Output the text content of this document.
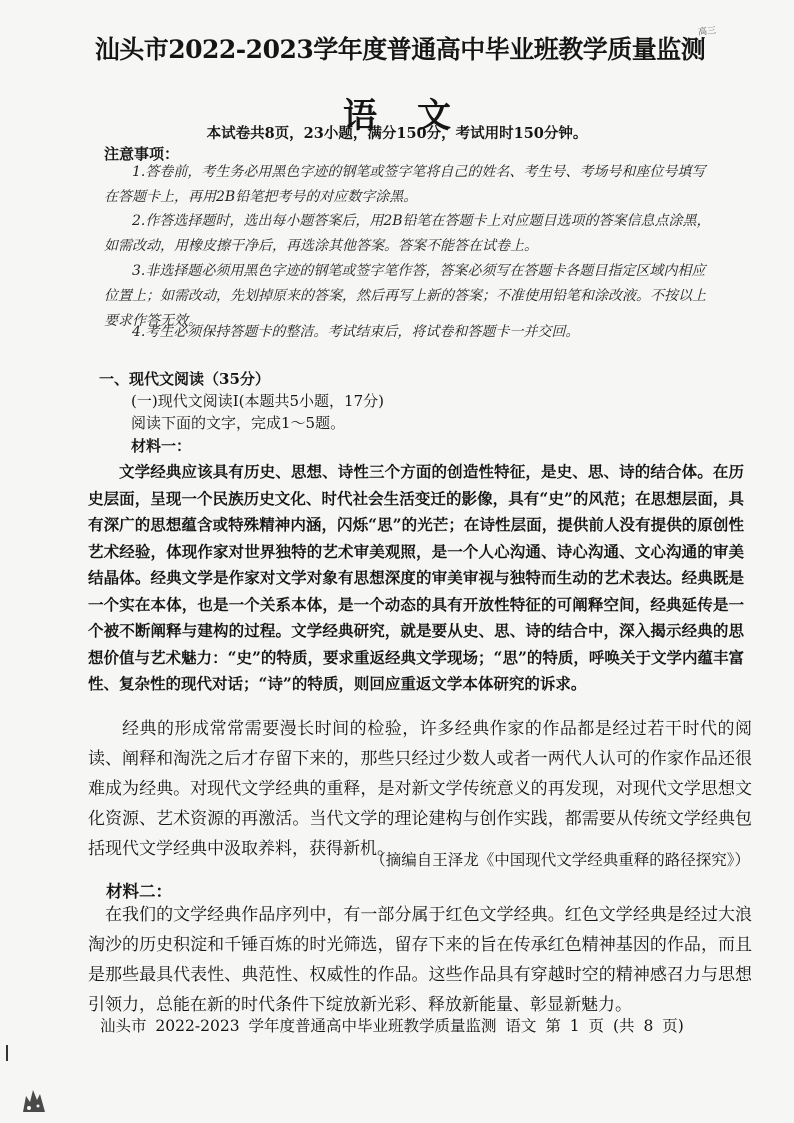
汕头市2022-2023学年度普通高中毕业班教学质量监测
高三
语文
本试卷共8页，23小题，满分150分，考试用时150分钟。
注意事项：
1.答卷前，考生务必用黑色字迹的钢笔或签字笔将自己的姓名、考生号、考场号和座位号填写在答题卡上，再用2B铅笔把考号的对应数字涂黑。
2.作答选择题时，选出每小题答案后，用2B铅笔在答题卡上对应题目选项的答案信息点涂黑，如需改动，用橡皮擦干净后，再选涂其他答案。答案不能答在试卷上。
3.非选择题必须用黑色字迹的钢笔或签字笔作答，答案必须写在答题卡各题目指定区域内相应位置上；如需改动，先划掉原来的答案，然后再写上新的答案；不准使用铅笔和涂改液。不按以上要求作答无效。
4.考生必须保持答题卡的整洁。考试结束后，将试卷和答题卡一并交回。
一、现代文阅读（35分）
(一)现代文阅读Ⅰ(本题共5小题，17分)
阅读下面的文字，完成1～5题。
材料一：
文学经典应该具有历史、思想、诗性三个方面的创造性特征，是史、思、诗的结合体。在历史层面，呈现一个民族历史文化、时代社会生活变迁的影像，具有“史”的风范；在思想层面，具有深广的思想蕴含或特殊精神内涵，闪烁“思”的光芒；在诗性层面，提供前人没有提供的原创性艺术经验，体现作家对世界独特的艺术审美观照，是一个人心沟通、诗心沟通、文心沟通的审美结晶体。经典文学是作家对文学对象有思想深度的审美审视与独特而生动的艺术表达。经典既是一个实在本体，也是一个关系本体，是一个动态的具有开放性特征的可阐释空间，经典延传是一个被不断阐释与建构的过程。文学经典研究，就是要从史、思、诗的结合中，深入揭示经典的思想价值与艺术魅力：“史”的特质，要求重返经典文学现场；“思”的特质，呼唤关于文学内蕴丰富性、复杂性的现代对话；“诗”的特质，则回应重返文学本体研究的诉求。
经典的形成常常需要漫长时间的检验，许多经典作家的作品都是经过若干时代的阅读、阐释和淘洗之后才存留下来的，那些只经过少数人或者一两代人认可的作家作品还很难成为经典。对现代文学经典的重释，是对新文学传统意义的再发现，对现代文学思想文化资源、艺术资源的再激活。当代文学的理论建构与创作实践，都需要从传统文学经典包括现代文学经典中汲取养料，获得新机。
（摘编自王泽龙《中国现代文学经典重释的路径探究》）
材料二：
在我们的文学经典作品序列中，有一部分属于红色文学经典。红色文学经典是经过大浪淘沙的历史积淀和千锤百炼的时光筛选，留存下来的旨在传承红色精神基因的作品，而且是那些最具代表性、典范性、权威性的作品。这些作品具有穿越时空的精神感召力与思想引领力，总能在新的时代条件下绽放新光彩、释放新能量、彰显新魅力。
汕头市 2022-2023 学年度普通高中毕业班教学质量监测 语文 第 1 页 (共 8 页)
